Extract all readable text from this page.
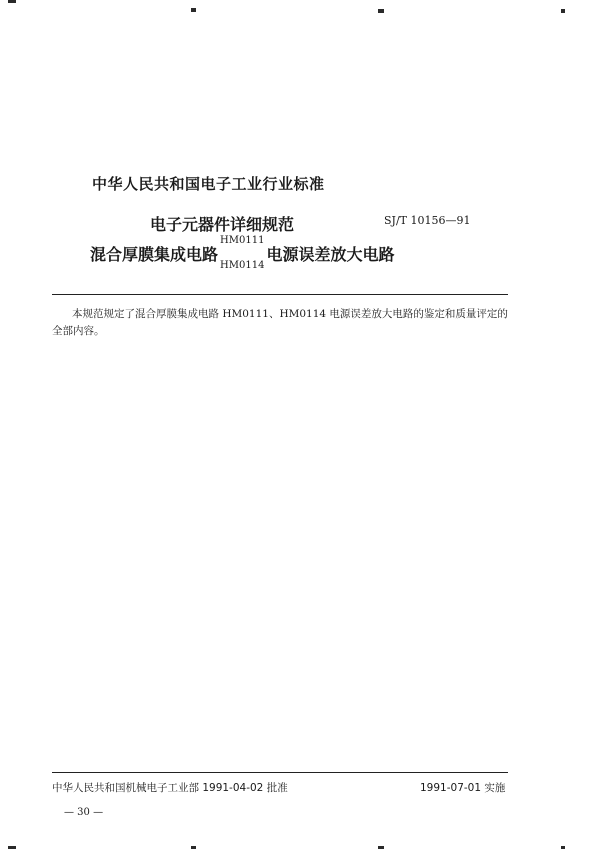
中华人民共和国电子工业行业标准
电子元器件详细规范	SJ/T 10156—91
混合厚膜集成电路
HM0111
HM0114
电源误差放大电路
本规范规定了混合厚膜集成电路 HM0111、HM0114 电源误差放大电路的鉴定和质量评定的全部内容。
中华人民共和国机械电子工业部 1991-04-02 批准	1991-07-01 实施
— 30 —
